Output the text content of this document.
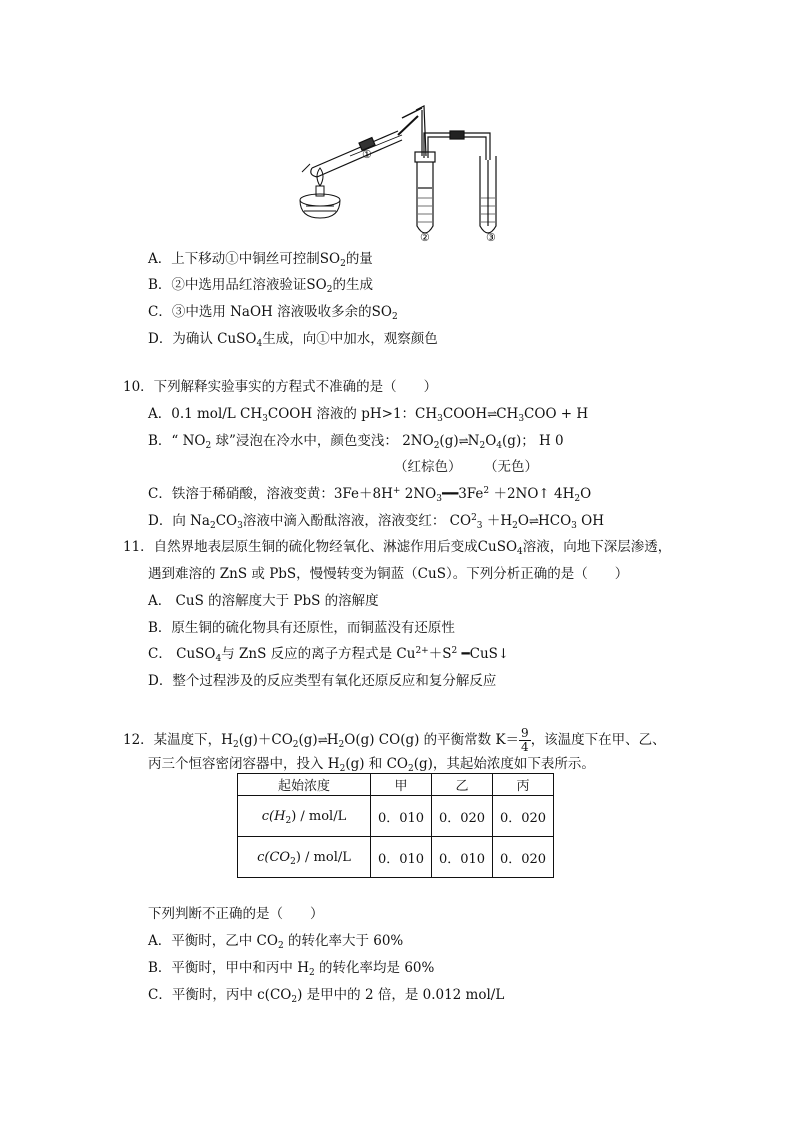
①
②	③
A．上下移动①中铜丝可控制$SO_2$的量
B．②中选用品红溶液验证$SO_2$的生成
C．③中选用 NaOH 溶液吸收多余的$SO_2$
D．为确认 CuSO$_4$生成，向①中加水，观察颜色
10．下列解释实验事实的方程式不准确的是（　　）
A．0.1 mol/L $CH_3COOH$ 溶液的 pH>1：$CH_3COOH\rightleftharpoons CH_3COO + H$
B．“ $NO_2$ 球”浸泡在冷水中，颜色变浅： $2NO_2(g)\rightleftharpoons N_2O_4(g)$； H 0
（红棕色） （无色）
C．铁溶于稀硝酸，溶液变黄：3Fe＋8H+ $2NO_3━━3Fe^2$ ＋2NO↑ $4H_2O$
D．向 $Na_2CO_3$溶液中滴入酚酞溶液，溶液变红： $CO^2_3$ $+H_2O\rightleftharpoons HCO_3$ OH
11．自然界地表层原生铜的硫化物经氧化、淋滤作用后变成CuSO$_4$溶液，向地下深层渗透，
遇到难溶的 ZnS 或 PbS，慢慢转变为铜蓝（CuS）。下列分析正确的是（　　）
A． CuS 的溶解度大于 PbS 的溶解度
B．原生铜的硫化物具有还原性，而铜蓝没有还原性
C． CuSO$_4$与 ZnS 反应的离子方程式是 $Cu^{2+}+S^2$ ━CuS↓
D．整个过程涉及的反应类型有氧化还原反应和复分解反应
12．某温度下，$H_2(g)+CO_2(g)\rightleftharpoons H_2O(g)$ CO(g) 的平衡常数 $K= \frac{9}{4}$ ，该温度下在甲、乙、
丙三个恒容密闭容器中，投入 $H_2(g)$ 和 $CO_2(g)$，其起始浓度如下表所示。
起始浓度	甲	乙	丙
$c(H_2) / mol/L$	0．010	0．020	0．020
$c(CO_2) / mol/L$	0．010	0．010	0．020
下列判断不正确的是（　　）
A．平衡时，乙中 $CO_2$ 的转化率大于 60%
B．平衡时，甲中和丙中 $H_2$ 的转化率均是 60%
C．平衡时，丙中 $c(CO_2)$ 是甲中的 2 倍，是 0.012 mol/L
